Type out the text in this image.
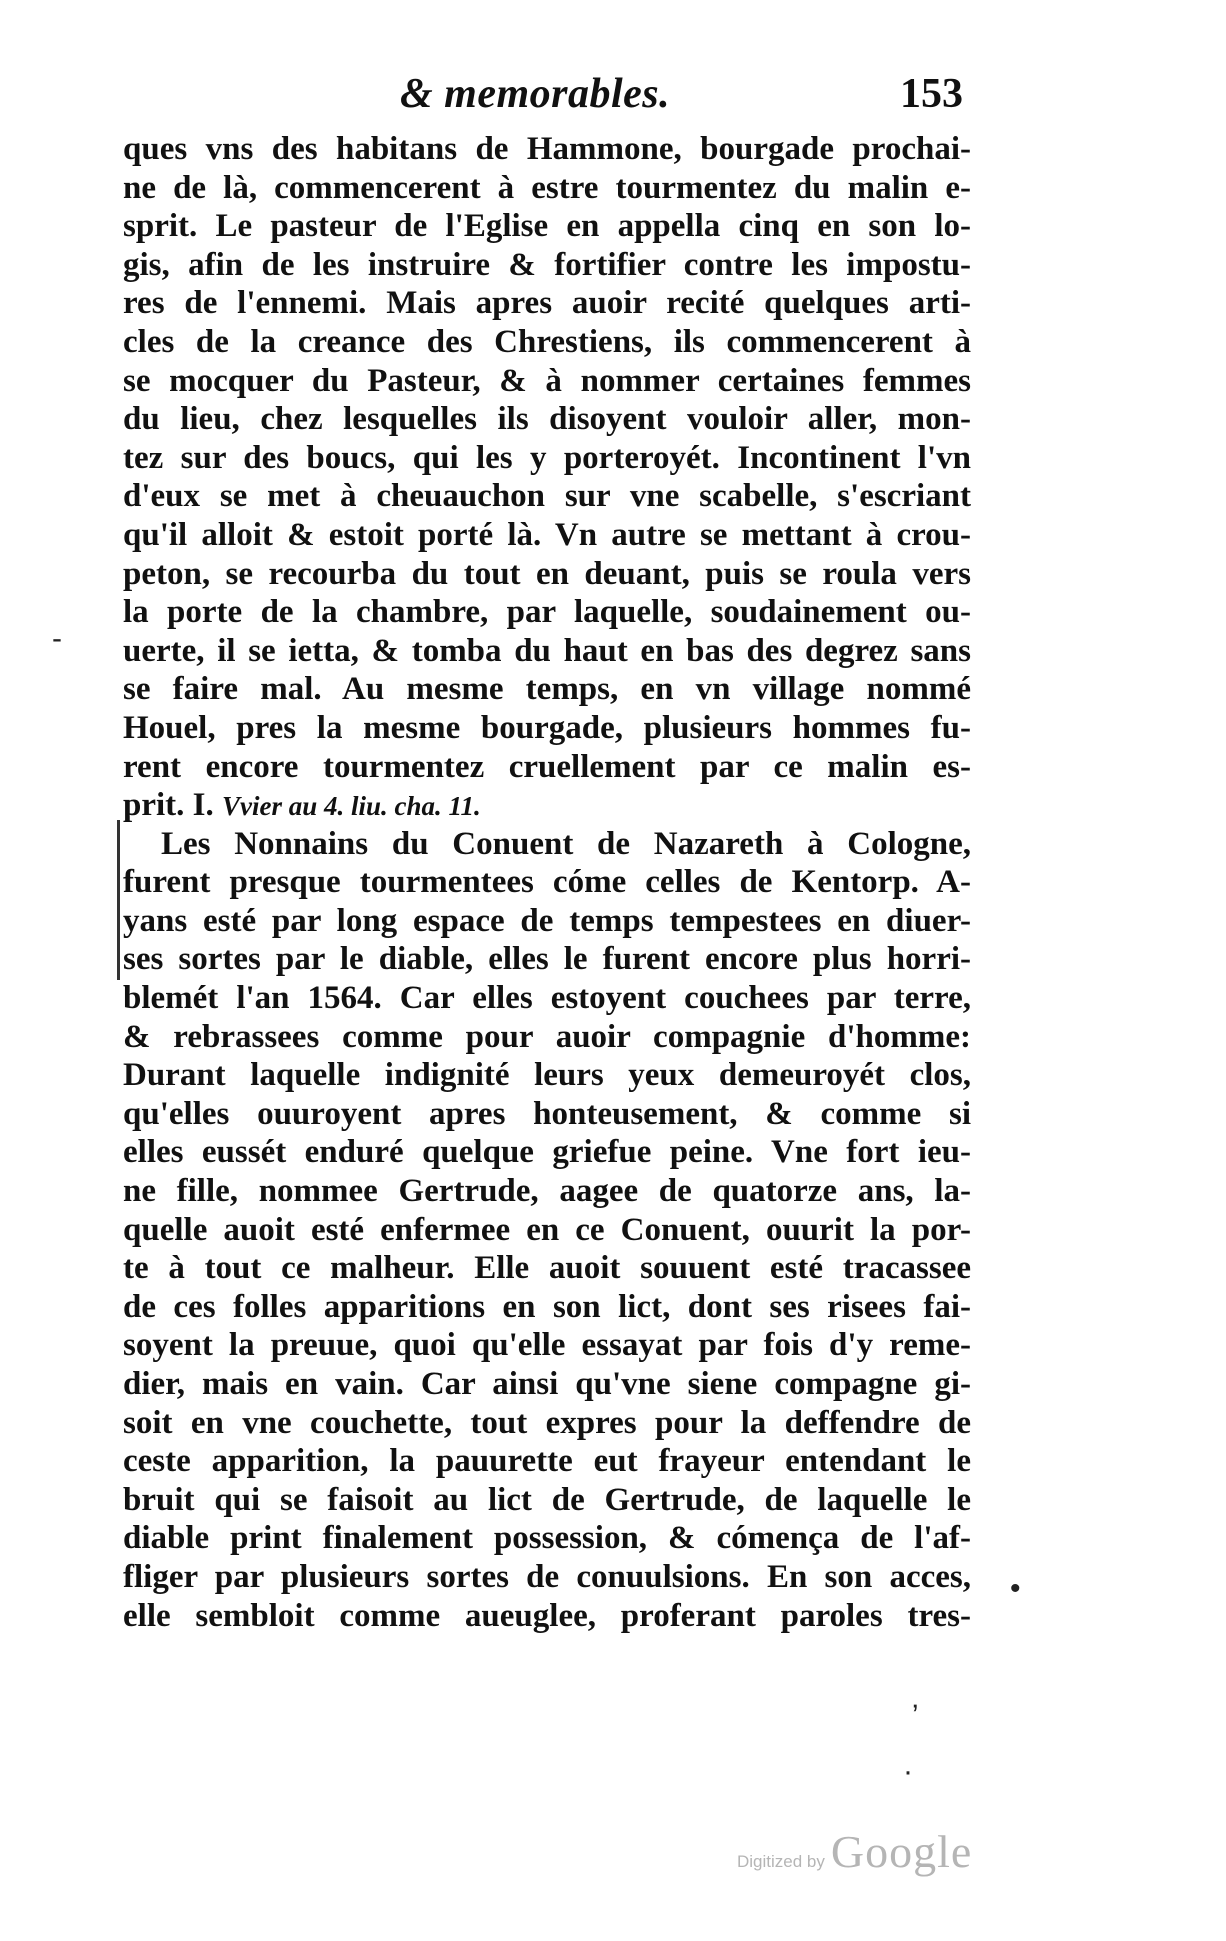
& memorables.	153
ques vns des habitans de Hammone, bourgade prochai-
ne de là, commencerent à estre tourmentez du malin e-
sprit. Le pasteur de l'Eglise en appella cinq en son lo-
gis, afin de les instruire & fortifier contre les impostu-
res de l'ennemi. Mais apres auoir recité quelques arti-
cles de la creance des Chrestiens, ils commencerent à
se mocquer du Pasteur, & à nommer certaines femmes
du lieu, chez lesquelles ils disoyent vouloir aller, mon-
tez sur des boucs, qui les y porteroyét. Incontinent l'vn
d'eux se met à cheuauchon sur vne scabelle, s'escriant
qu'il alloit & estoit porté là. Vn autre se mettant à crou-
peton, se recourba du tout en deuant, puis se roula vers
la porte de la chambre, par laquelle, soudainement ou-
uerte, il se ietta, & tomba du haut en bas des degrez sans
se faire mal. Au mesme temps, en vn village nommé
Houel, pres la mesme bourgade, plusieurs hommes fu-
rent encore tourmentez cruellement par ce malin es-
prit. I. Vvier au 4. liu. cha. 11.
Les Nonnains du Conuent de Nazareth à Cologne,
furent presque tourmentees cóme celles de Kentorp. A-
yans esté par long espace de temps tempestees en diuer-
ses sortes par le diable, elles le furent encore plus horri-
blemét l'an 1564. Car elles estoyent couchees par terre,
& rebrassees comme pour auoir compagnie d'homme:
Durant laquelle indignité leurs yeux demeuroyét clos,
qu'elles ouuroyent apres honteusement, & comme si
elles eussét enduré quelque griefue peine. Vne fort ieu-
ne fille, nommee Gertrude, aagee de quatorze ans, la-
quelle auoit esté enfermee en ce Conuent, ouurit la por-
te à tout ce malheur. Elle auoit souuent esté tracassee
de ces folles apparitions en son lict, dont ses risees fai-
soyent la preuue, quoi qu'elle essayat par fois d'y reme-
dier, mais en vain. Car ainsi qu'vne siene compagne gi-
soit en vne couchette, tout expres pour la deffendre de
ceste apparition, la pauurette eut frayeur entendant le
bruit qui se faisoit au lict de Gertrude, de laquelle le
diable print finalement possession, & cómença de l'af-
fliger par plusieurs sortes de conuulsions. En son acces,
elle sembloit comme aueuglee, proferant paroles tres-
-
•
ʼ
·
Digitized by Google
